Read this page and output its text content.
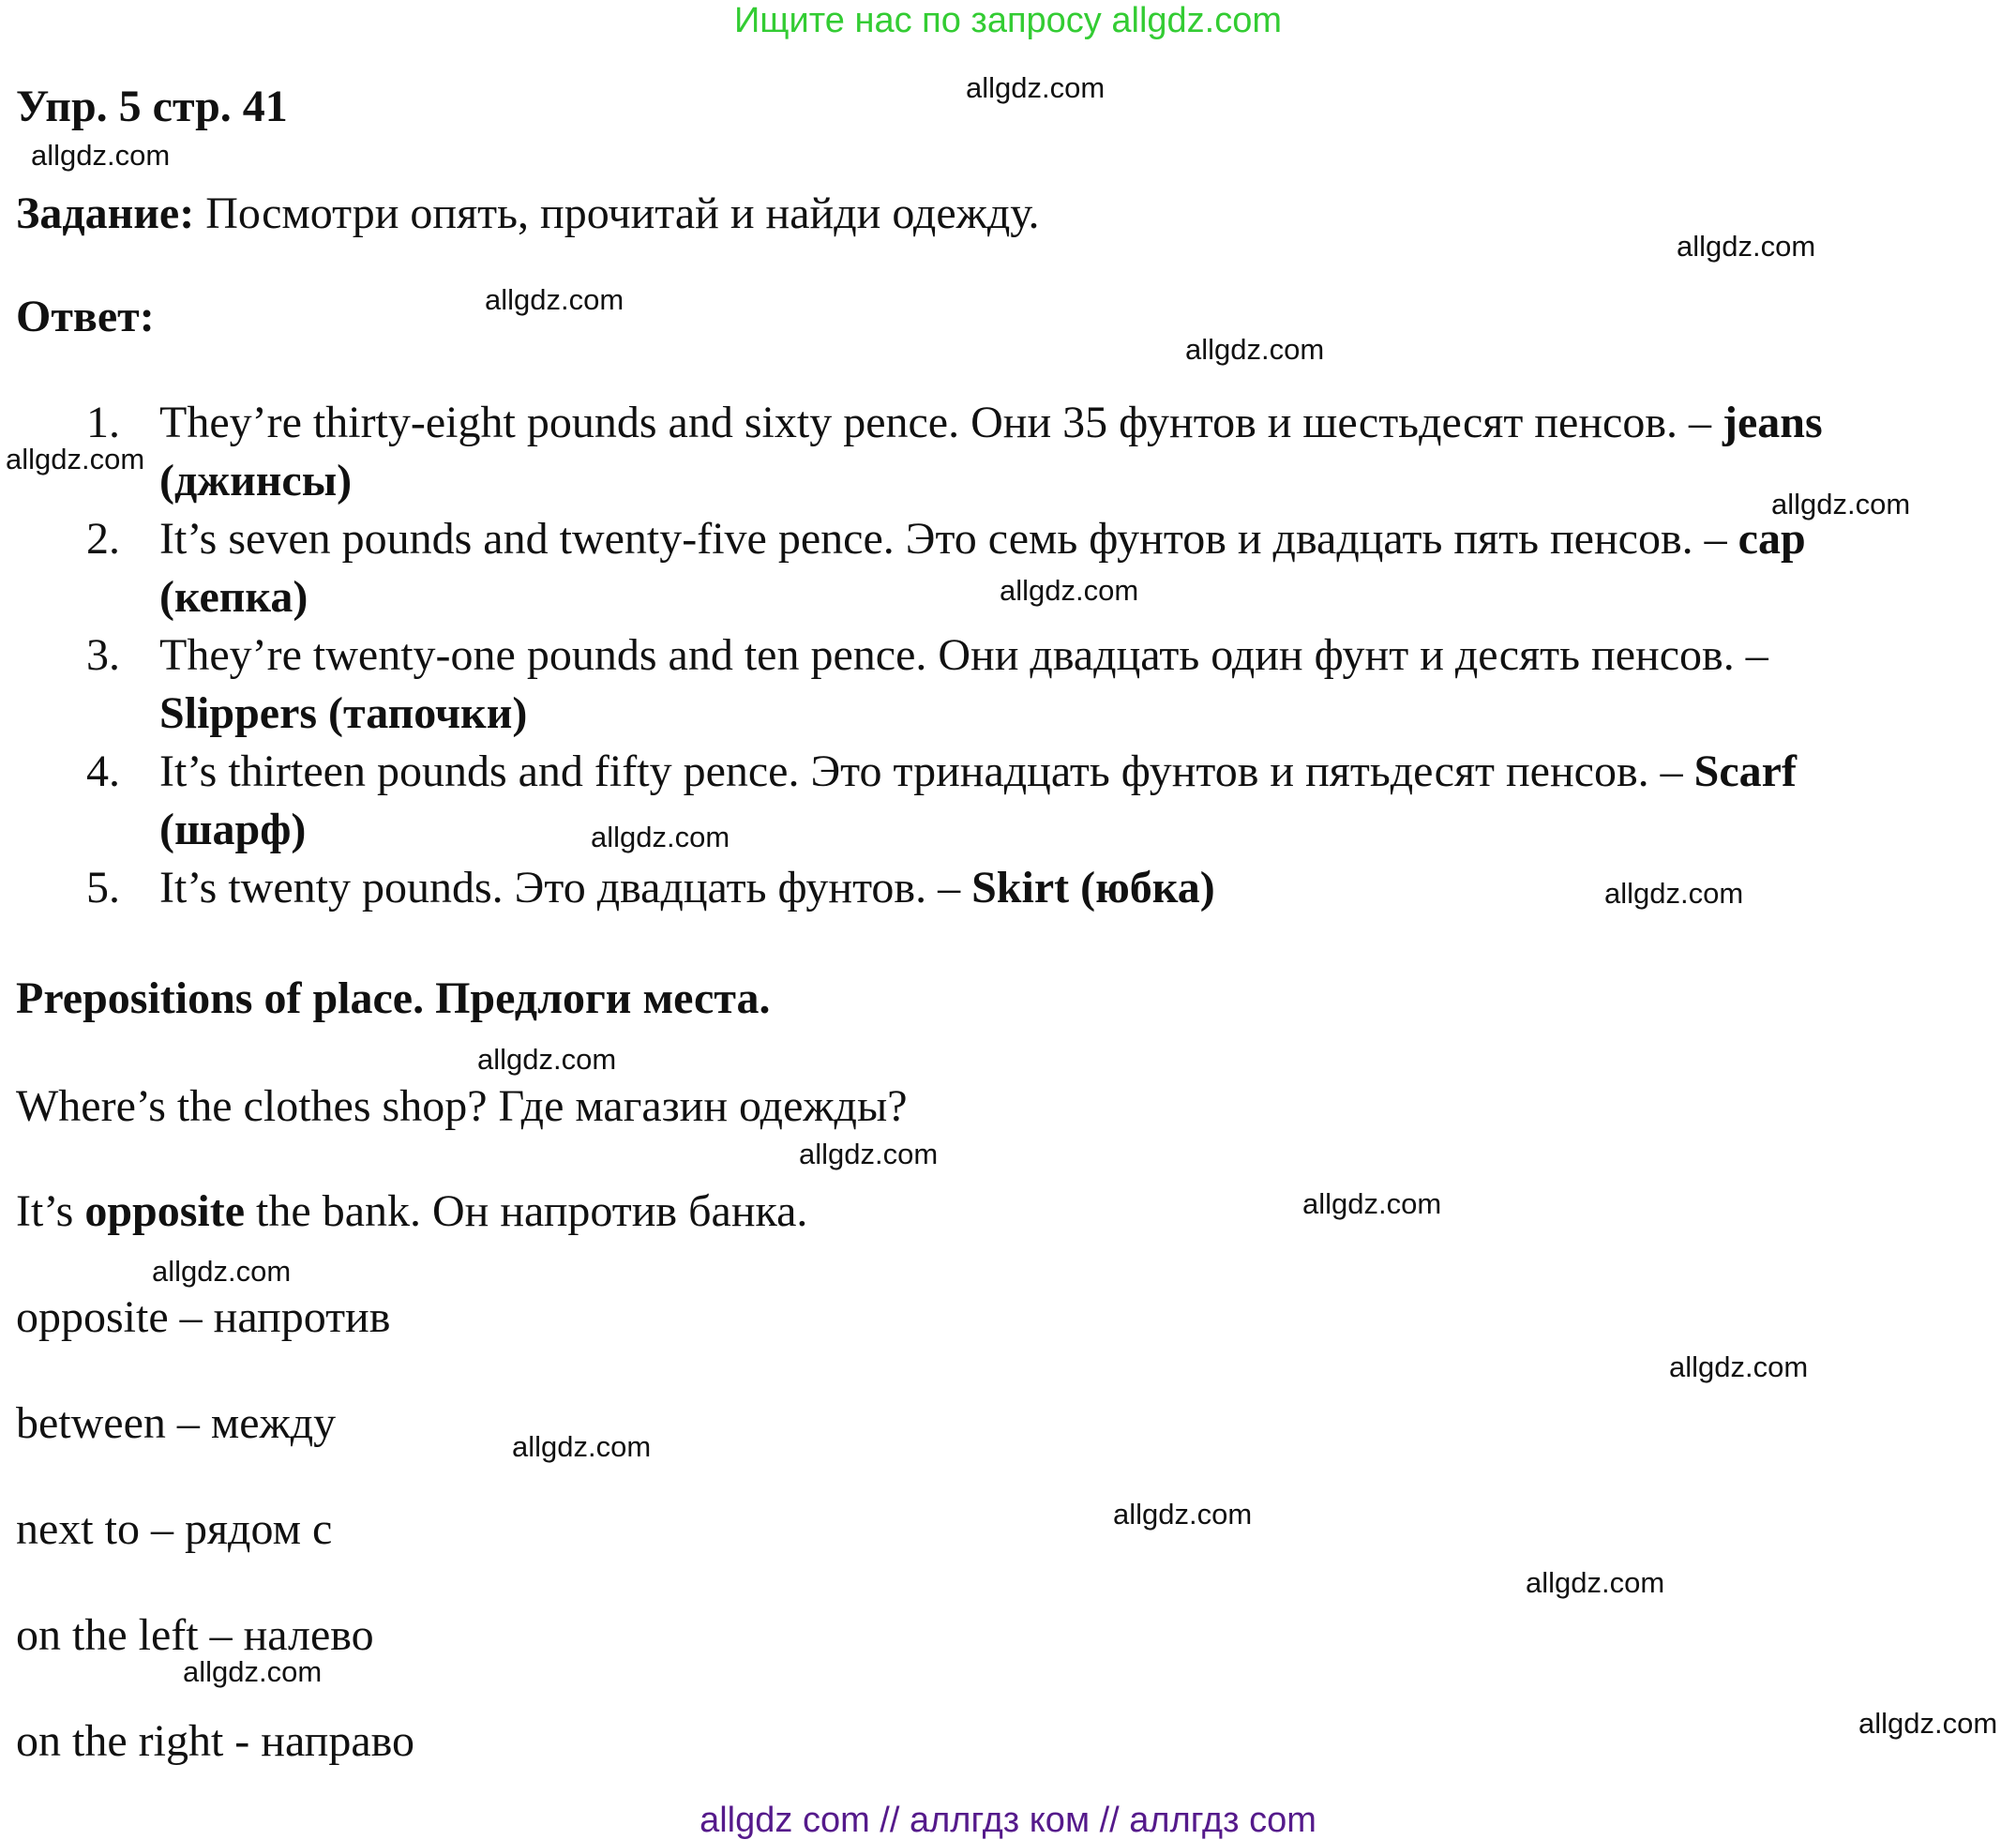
Ищите нас по запросу allgdz.com
Упр. 5 стр. 41
Задание: Посмотри опять, прочитай и найди одежду.
Ответ:
1. They’re thirty-eight pounds and sixty pence. Они 35 фунтов и шестьдесят пенсов. – jeans (джинсы)
2. It’s seven pounds and twenty-five pence. Это семь фунтов и двадцать пять пенсов. – cap (кепка)
3. They’re twenty-one pounds and ten pence. Они двадцать один фунт и десять пенсов. – Slippers (тапочки)
4. It’s thirteen pounds and fifty pence. Это тринадцать фунтов и пятьдесят пенсов. – Scarf (шарф)
5. It’s twenty pounds. Это двадцать фунтов. – Skirt (юбка)
Prepositions of place. Предлоги места.
Where’s the clothes shop? Где магазин одежды?
It’s opposite the bank. Он напротив банка.
opposite – напротив
between – между
next to – рядом с
on the left – налево
on the right - направо
allgdz.com
allgdz.com
allgdz.com
allgdz.com
allgdz.com
allgdz.com
allgdz.com
allgdz.com
allgdz.com
allgdz.com
allgdz.com
allgdz.com
allgdz.com
allgdz.com
allgdz.com
allgdz.com
allgdz.com
allgdz.com
allgdz.com
allgdz.com
allgdz com // аллгдз ком // аллгдз com
